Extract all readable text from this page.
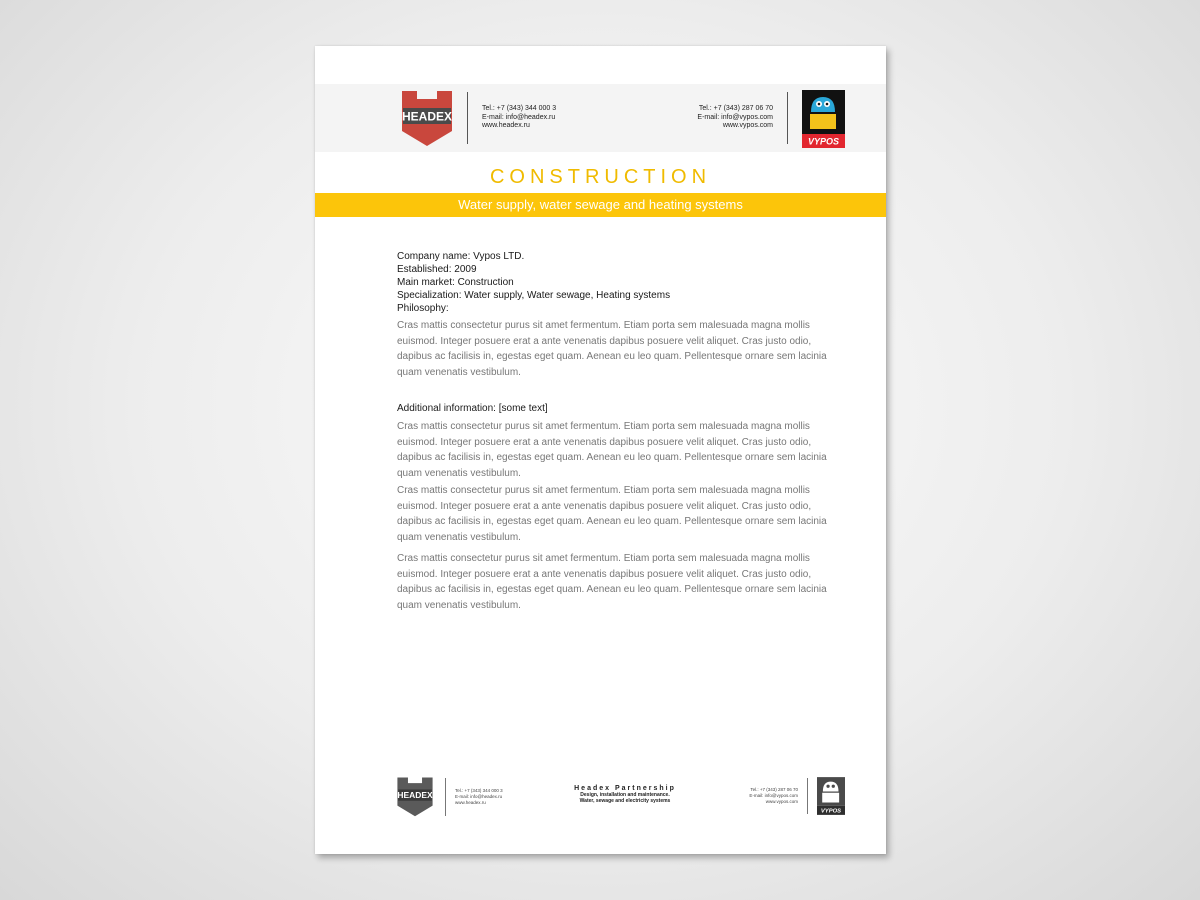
HEADEX
Tel.: +7 (343) 344 000 3
E-mail: info@headex.ru
www.headex.ru
Tel.: +7 (343) 287 06 70
E-mail: info@vypos.com
www.vypos.com
VYPOS
CONSTRUCTION
Water supply, water sewage and heating systems
Company name: Vypos LTD.
Established: 2009
Main market: Construction
Specialization: Water supply, Water sewage, Heating systems
Philosophy:
Cras mattis consectetur purus sit amet fermentum. Etiam porta sem malesuada magna mollis
euismod. Integer posuere erat a ante venenatis dapibus posuere velit aliquet. Cras justo odio,
dapibus ac facilisis in, egestas eget quam. Aenean eu leo quam. Pellentesque ornare sem lacinia
quam venenatis vestibulum.
Additional information: [some text]
Cras mattis consectetur purus sit amet fermentum. Etiam porta sem malesuada magna mollis
euismod. Integer posuere erat a ante venenatis dapibus posuere velit aliquet. Cras justo odio,
dapibus ac facilisis in, egestas eget quam. Aenean eu leo quam. Pellentesque ornare sem lacinia
quam venenatis vestibulum.
Cras mattis consectetur purus sit amet fermentum. Etiam porta sem malesuada magna mollis
euismod. Integer posuere erat a ante venenatis dapibus posuere velit aliquet. Cras justo odio,
dapibus ac facilisis in, egestas eget quam. Aenean eu leo quam. Pellentesque ornare sem lacinia
quam venenatis vestibulum.
Cras mattis consectetur purus sit amet fermentum. Etiam porta sem malesuada magna mollis
euismod. Integer posuere erat a ante venenatis dapibus posuere velit aliquet. Cras justo odio,
dapibus ac facilisis in, egestas eget quam. Aenean eu leo quam. Pellentesque ornare sem lacinia
quam venenatis vestibulum.
HEADEX	Tel.: +7 (343) 344 000 3
E-mail: info@headex.ru
www.headex.ru
Headex Partnership
Design, installation and maintenance.
Water, sewage and electricity systems
Tel.: +7 (343) 287 06 70
E-mail: info@vypos.com
www.vypos.com
VYPOS
